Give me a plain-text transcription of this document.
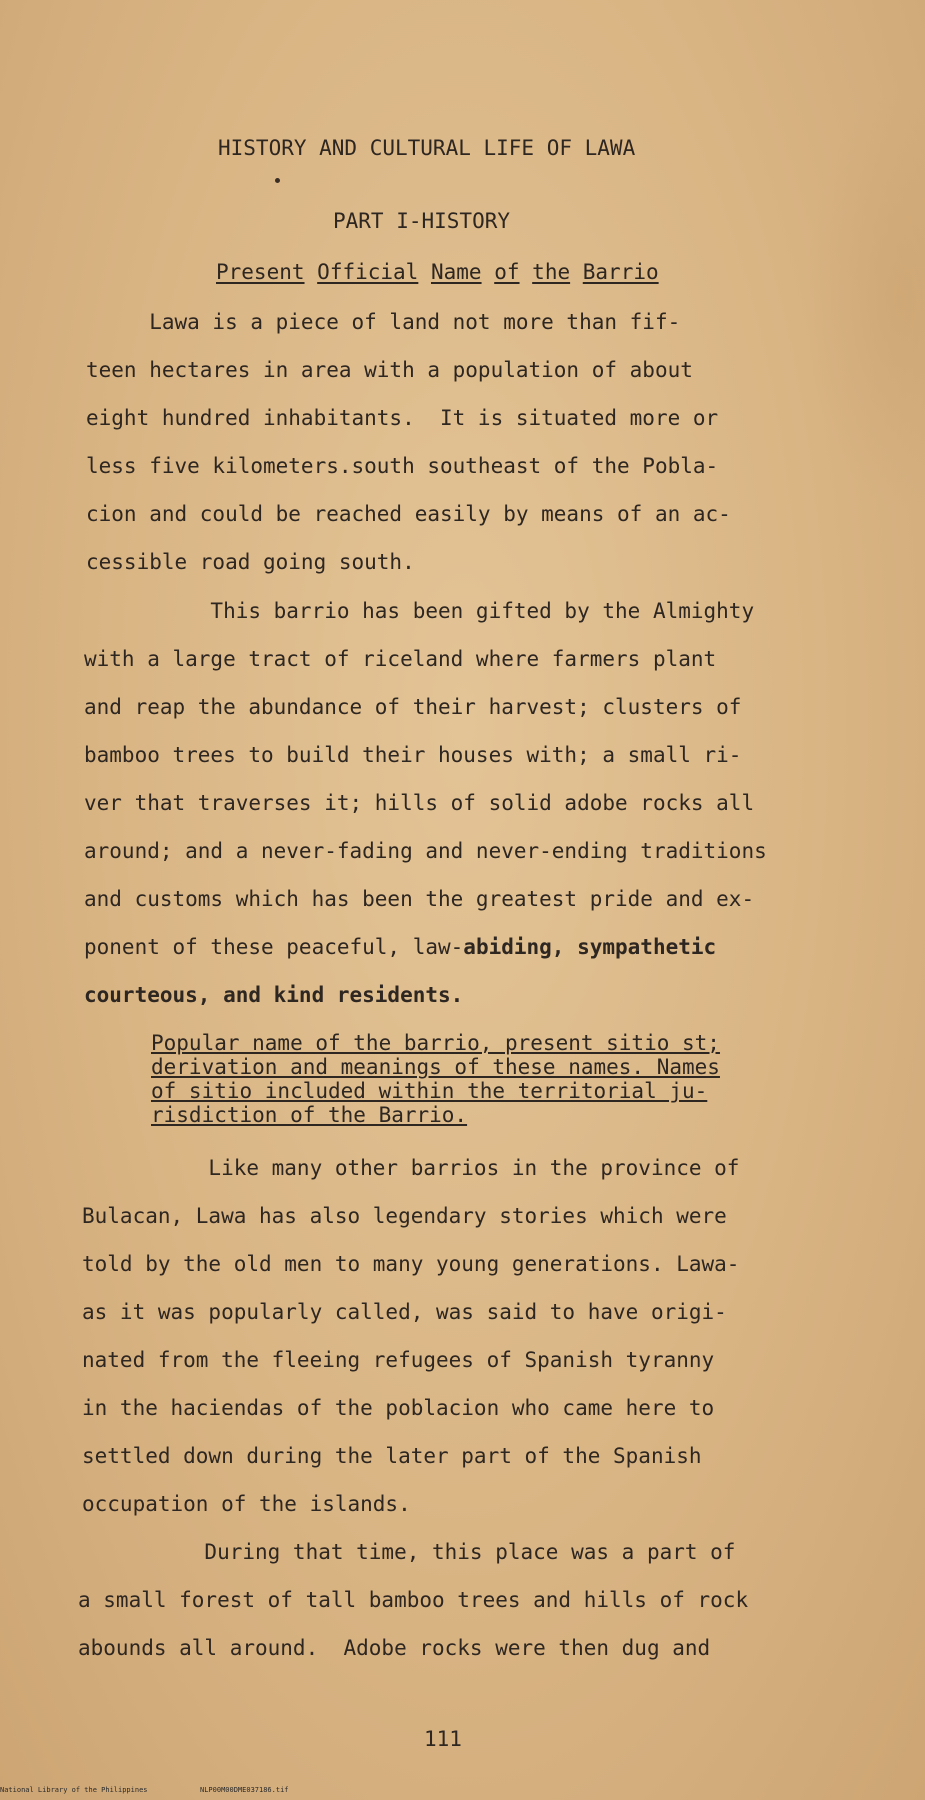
HISTORY AND CULTURAL LIFE OF LAWA
PART I-HISTORY
Present Official Name of the Barrio
Lawa is a piece of land not more than fif-
teen hectares in area with a population of about
eight hundred inhabitants.  It is situated more or
less five kilometers.south southeast of the Pobla-
cion and could be reached easily by means of an ac-
cessible road going south.
This barrio has been gifted by the Almighty
with a large tract of riceland where farmers plant
and reap the abundance of their harvest; clusters of
bamboo trees to build their houses with; a small ri-
ver that traverses it; hills of solid adobe rocks all
around; and a never-fading and never-ending traditions
and customs which has been the greatest pride and ex-
ponent of these peaceful, law-abiding, sympathetic
courteous, and kind residents.
Popular name of the barrio, present sitio st;
derivation and meanings of these names. Names
of sitio included within the territorial ju-
risdiction of the Barrio.
Like many other barrios in the province of
Bulacan, Lawa has also legendary stories which were
told by the old men to many young generations. Lawa-
as it was popularly called, was said to have origi-
nated from the fleeing refugees of Spanish tyranny
in the haciendas of the poblacion who came here to
settled down during the later part of the Spanish
occupation of the islands.
During that time, this place was a part of
a small forest of tall bamboo trees and hills of rock
abounds all around.  Adobe rocks were then dug and
111
National Library of the Philippines	NLP00M00DME037186.tif
